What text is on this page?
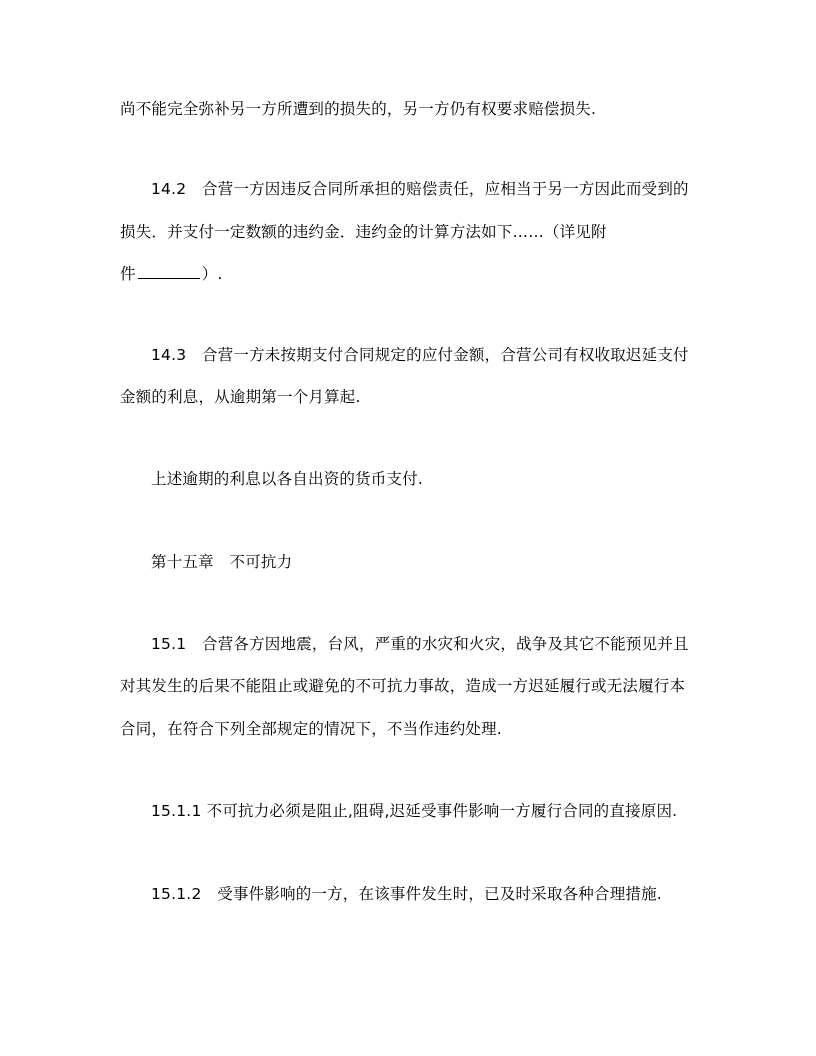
尚不能完全弥补另一方所遭到的损失的，另一方仍有权要求赔偿损失.
14.2　合营一方因违反合同所承担的赔偿责任，应相当于另一方因此而受到的
损失．并支付一定数额的违约金．违约金的计算方法如下……（详见附
件	）.
14.3　合营一方未按期支付合同规定的应付金额，合营公司有权收取迟延支付
金额的利息，从逾期第一个月算起.
上述逾期的利息以各自出资的货币支付.
第十五章　不可抗力
15.1　合营各方因地震，台风，严重的水灾和火灾，战争及其它不能预见并且
对其发生的后果不能阻止或避免的不可抗力事故，造成一方迟延履行或无法履行本
合同，在符合下列全部规定的情况下，不当作违约处理.
15.1.1 不可抗力必须是阻止,阻碍,迟延受事件影响一方履行合同的直接原因.
15.1.2　受事件影响的一方，在该事件发生时，已及时采取各种合理措施.
